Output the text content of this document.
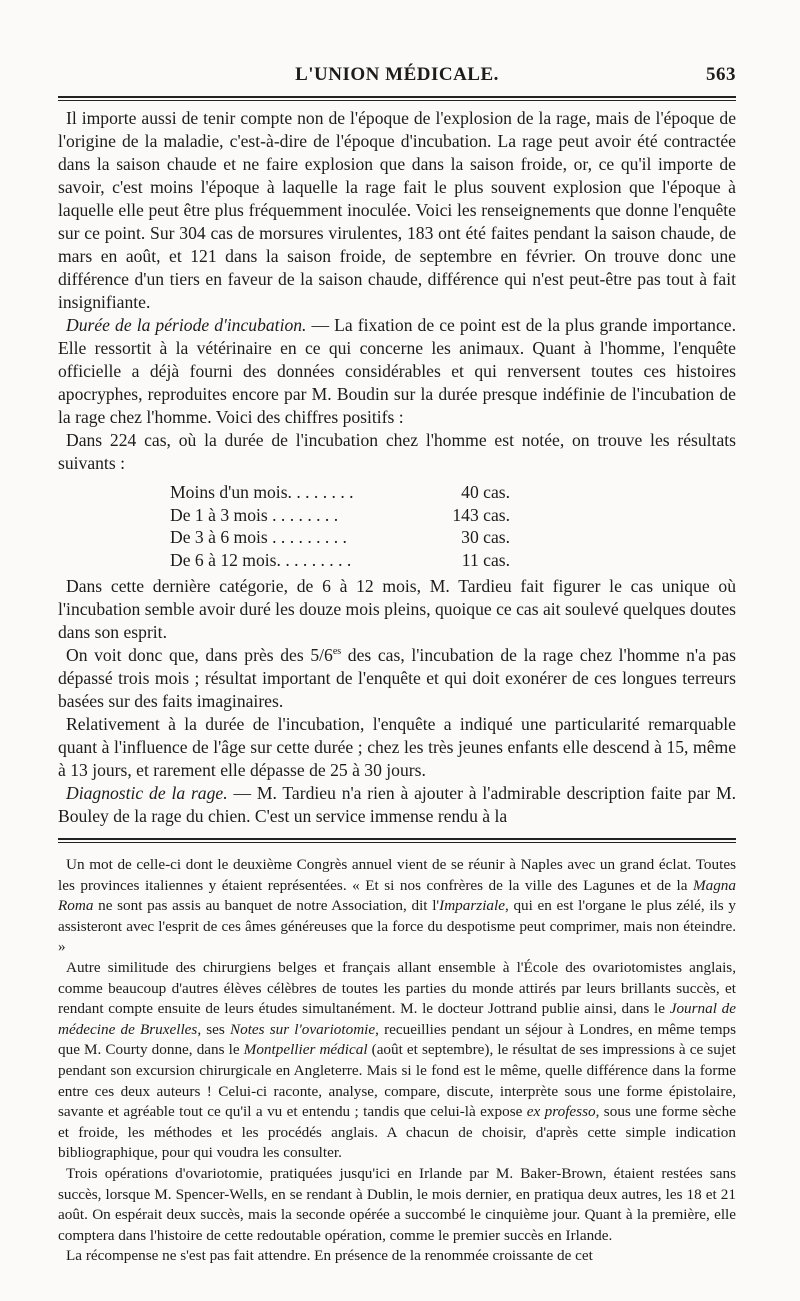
L'UNION MÉDICALE.	563

Il importe aussi de tenir compte non de l'époque de l'explosion de la rage, mais de l'époque de l'origine de la maladie, c'est-à-dire de l'époque d'incubation. La rage peut avoir été contractée dans la saison chaude et ne faire explosion que dans la saison froide, or, ce qu'il importe de savoir, c'est moins l'époque à laquelle la rage fait le plus souvent explosion que l'époque à laquelle elle peut être plus fréquemment inoculée. Voici les renseignements que donne l'enquête sur ce point. Sur 304 cas de morsures virulentes, 183 ont été faites pendant la saison chaude, de mars en août, et 121 dans la saison froide, de septembre en février. On trouve donc une différence d'un tiers en faveur de la saison chaude, différence qui n'est peut-être pas tout à fait insignifiante.

Durée de la période d'incubation. — La fixation de ce point est de la plus grande importance. Elle ressortit à la vétérinaire en ce qui concerne les animaux. Quant à l'homme, l'enquête officielle a déjà fourni des données considérables et qui renversent toutes ces histoires apocryphes, reproduites encore par M. Boudin sur la durée presque indéfinie de l'incubation de la rage chez l'homme. Voici des chiffres positifs :

Dans 224 cas, où la durée de l'incubation chez l'homme est notée, on trouve les résultats suivants :

Moins d'un mois. . . . . . . .	40 cas.
De 1 à 3 mois . . . . . . . .	143 cas.
De 3 à 6 mois . . . . . . . . .	30 cas.
De 6 à 12 mois. . . . . . . . .	11 cas.

Dans cette dernière catégorie, de 6 à 12 mois, M. Tardieu fait figurer le cas unique où l'incubation semble avoir duré les douze mois pleins, quoique ce cas ait soulevé quelques doutes dans son esprit.

On voit donc que, dans près des $5/6^{es}$ des cas, l'incubation de la rage chez l'homme n'a pas dépassé trois mois ; résultat important de l'enquête et qui doit exonérer de ces longues terreurs basées sur des faits imaginaires.

Relativement à la durée de l'incubation, l'enquête a indiqué une particularité remarquable quant à l'influence de l'âge sur cette durée ; chez les très jeunes enfants elle descend à 15, même à 13 jours, et rarement elle dépasse de 25 à 30 jours.

Diagnostic de la rage. — M. Tardieu n'a rien à ajouter à l'admirable description faite par M. Bouley de la rage du chien. C'est un service immense rendu à la

Un mot de celle-ci dont le deuxième Congrès annuel vient de se réunir à Naples avec un grand éclat. Toutes les provinces italiennes y étaient représentées. « Et si nos confrères de la ville des Lagunes et de la Magna Roma ne sont pas assis au banquet de notre Association, dit l'Imparziale, qui en est l'organe le plus zélé, ils y assisteront avec l'esprit de ces âmes généreuses que la force du despotisme peut comprimer, mais non éteindre. »

Autre similitude des chirurgiens belges et français allant ensemble à l'École des ovariotomistes anglais, comme beaucoup d'autres élèves célèbres de toutes les parties du monde attirés par leurs brillants succès, et rendant compte ensuite de leurs études simultanément. M. le docteur Jottrand publie ainsi, dans le Journal de médecine de Bruxelles, ses Notes sur l'ovariotomie, recueillies pendant un séjour à Londres, en même temps que M. Courty donne, dans le Montpellier médical (août et septembre), le résultat de ses impressions à ce sujet pendant son excursion chirurgicale en Angleterre. Mais si le fond est le même, quelle différence dans la forme entre ces deux auteurs ! Celui-ci raconte, analyse, compare, discute, interprète sous une forme épistolaire, savante et agréable tout ce qu'il a vu et entendu ; tandis que celui-là expose ex professo, sous une forme sèche et froide, les méthodes et les procédés anglais. A chacun de choisir, d'après cette simple indication bibliographique, pour qui voudra les consulter.

Trois opérations d'ovariotomie, pratiquées jusqu'ici en Irlande par M. Baker-Brown, étaient restées sans succès, lorsque M. Spencer-Wells, en se rendant à Dublin, le mois dernier, en pratiqua deux autres, les 18 et 21 août. On espérait deux succès, mais la seconde opérée a succombé le cinquième jour. Quant à la première, elle comptera dans l'histoire de cette redoutable opération, comme le premier succès en Irlande.

La récompense ne s'est pas fait attendre. En présence de la renommée croissante de cet
